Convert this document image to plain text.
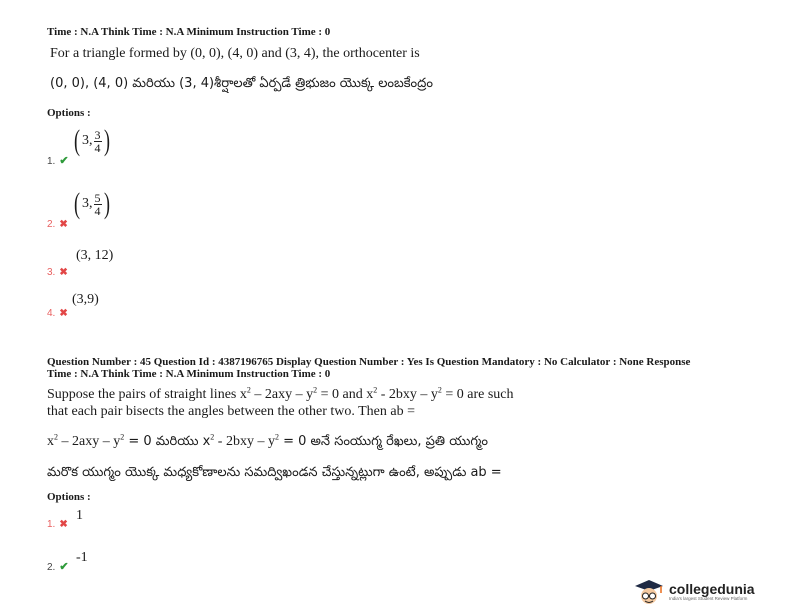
Time : N.A Think Time : N.A Minimum Instruction Time : 0
For a triangle formed by (0, 0), (4, 0) and (3, 4), the orthocenter is
(0, 0), (4, 0) మరియు (3, 4)శీర్షాలతో ఏర్పడే త్రిభుజం యొక్క లంబకేంద్రం
Options :
1. ✔
( 3 , $\frac{3}{4}$ )
2. ✖
( 3 , $\frac{5}{4}$ )
3. ✖
(3, 12)
4. ✖
(3,9)
Question Number : 45 Question Id : 4387196765 Display Question Number : Yes Is Question Mandatory : No Calculator : None Response
Time : N.A Think Time : N.A Minimum Instruction Time : 0
Suppose the pairs of straight lines $x^2 - 2axy - y^2 = 0$ and $x^2 - 2bxy - y^2 = 0$ are such
that each pair bisects the angles between the other two. Then ab =
$x^2 - 2axy - y^2 = 0$ మరియు $x^2 - 2bxy - y^2 = 0$ అనే సంయుగ్మ రేఖలు, ప్రతి యుగ్మం
మరొక యుగ్మం యొక్క మధ్యకోణాలను సమద్విఖండన చేస్తున్నట్లుగా ఉంటే, అప్పుడు ab =
Options :
1. ✖
1
2. ✔
-1
collegedunia
India's largest Student Review Platform
